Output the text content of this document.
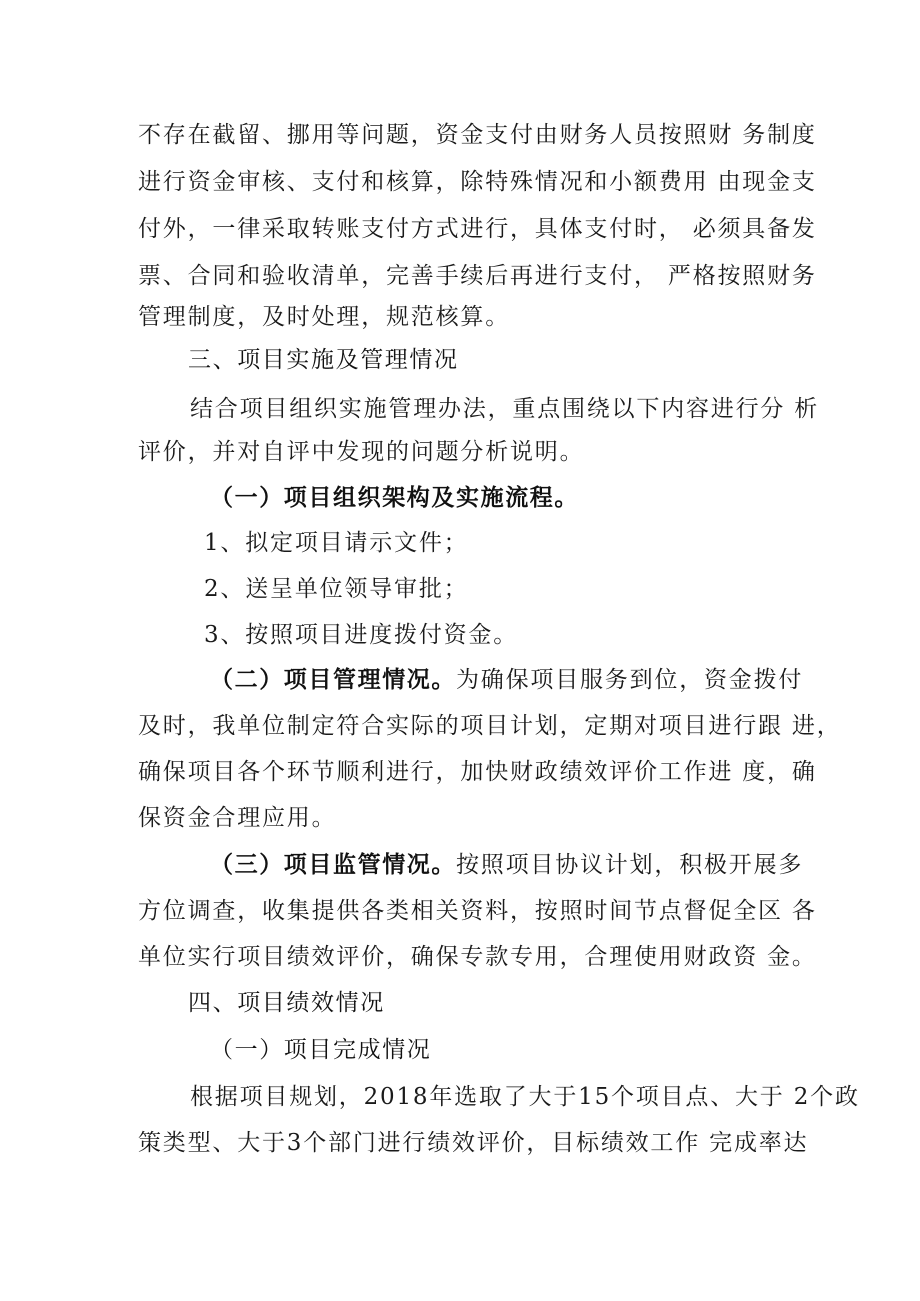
不存在截留、挪用等问题，资金支付由财务人员按照财 务制度
进行资金审核、支付和核算，除特殊情况和小额费用 由现金支
付外，一律采取转账支付方式进行，具体支付时， 必须具备发
票、合同和验收清单，完善手续后再进行支付， 严格按照财务
管理制度，及时处理，规范核算。
三、项目实施及管理情况
结合项目组织实施管理办法，重点围绕以下内容进行分 析
评价，并对自评中发现的问题分析说明。
（一）项目组织架构及实施流程。
1、拟定项目请示文件；
2、送呈单位领导审批；
3、按照项目进度拨付资金。
（二）项目管理情况。为确保项目服务到位，资金拨付
及时，我单位制定符合实际的项目计划，定期对项目进行跟 进，
确保项目各个环节顺利进行，加快财政绩效评价工作进 度，确
保资金合理应用。
（三）项目监管情况。按照项目协议计划，积极开展多
方位调查，收集提供各类相关资料，按照时间节点督促全区 各
单位实行项目绩效评价，确保专款专用，合理使用财政资 金。
四、项目绩效情况
（一）项目完成情况
根据项目规划，2018年选取了大于15个项目点、大于 2个政
策类型、大于3个部门进行绩效评价，目标绩效工作 完成率达
